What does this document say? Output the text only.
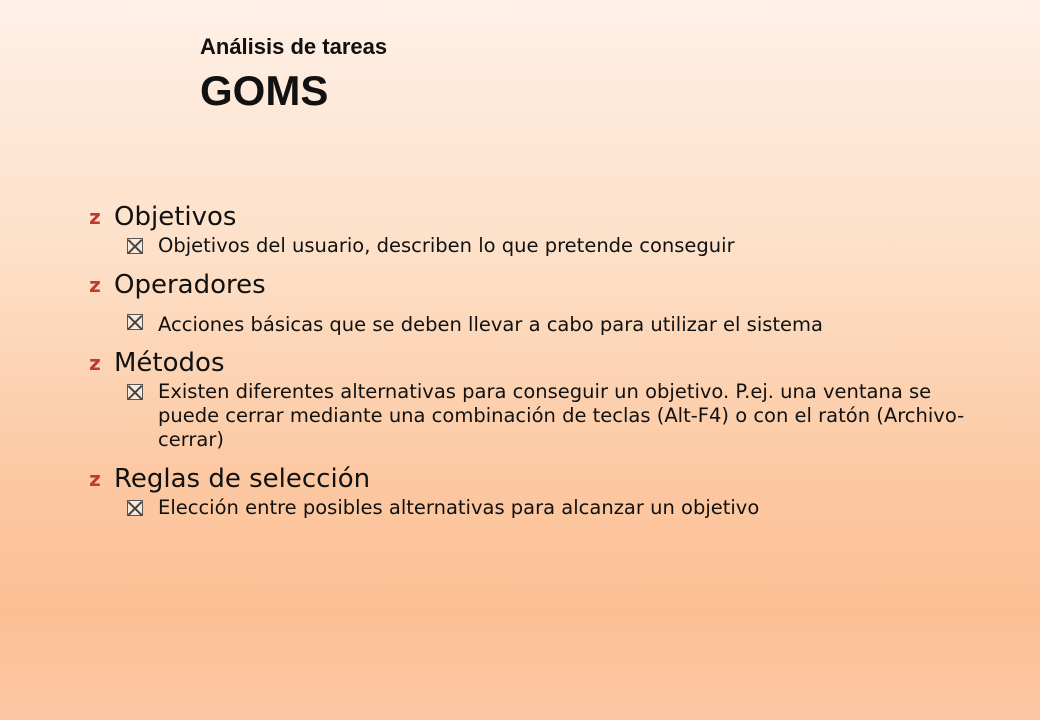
Análisis de tareas
GOMS
z Objetivos
Objetivos del usuario, describen lo que pretende conseguir
z Operadores
Acciones básicas que se deben llevar a cabo para utilizar el sistema
z Métodos
Existen diferentes alternativas para conseguir un objetivo. P.ej. una ventana se puede cerrar mediante una combinación de teclas (Alt-F4) o con el ratón (Archivo-cerrar)
z Reglas de selección
Elección entre posibles alternativas para alcanzar un objetivo
